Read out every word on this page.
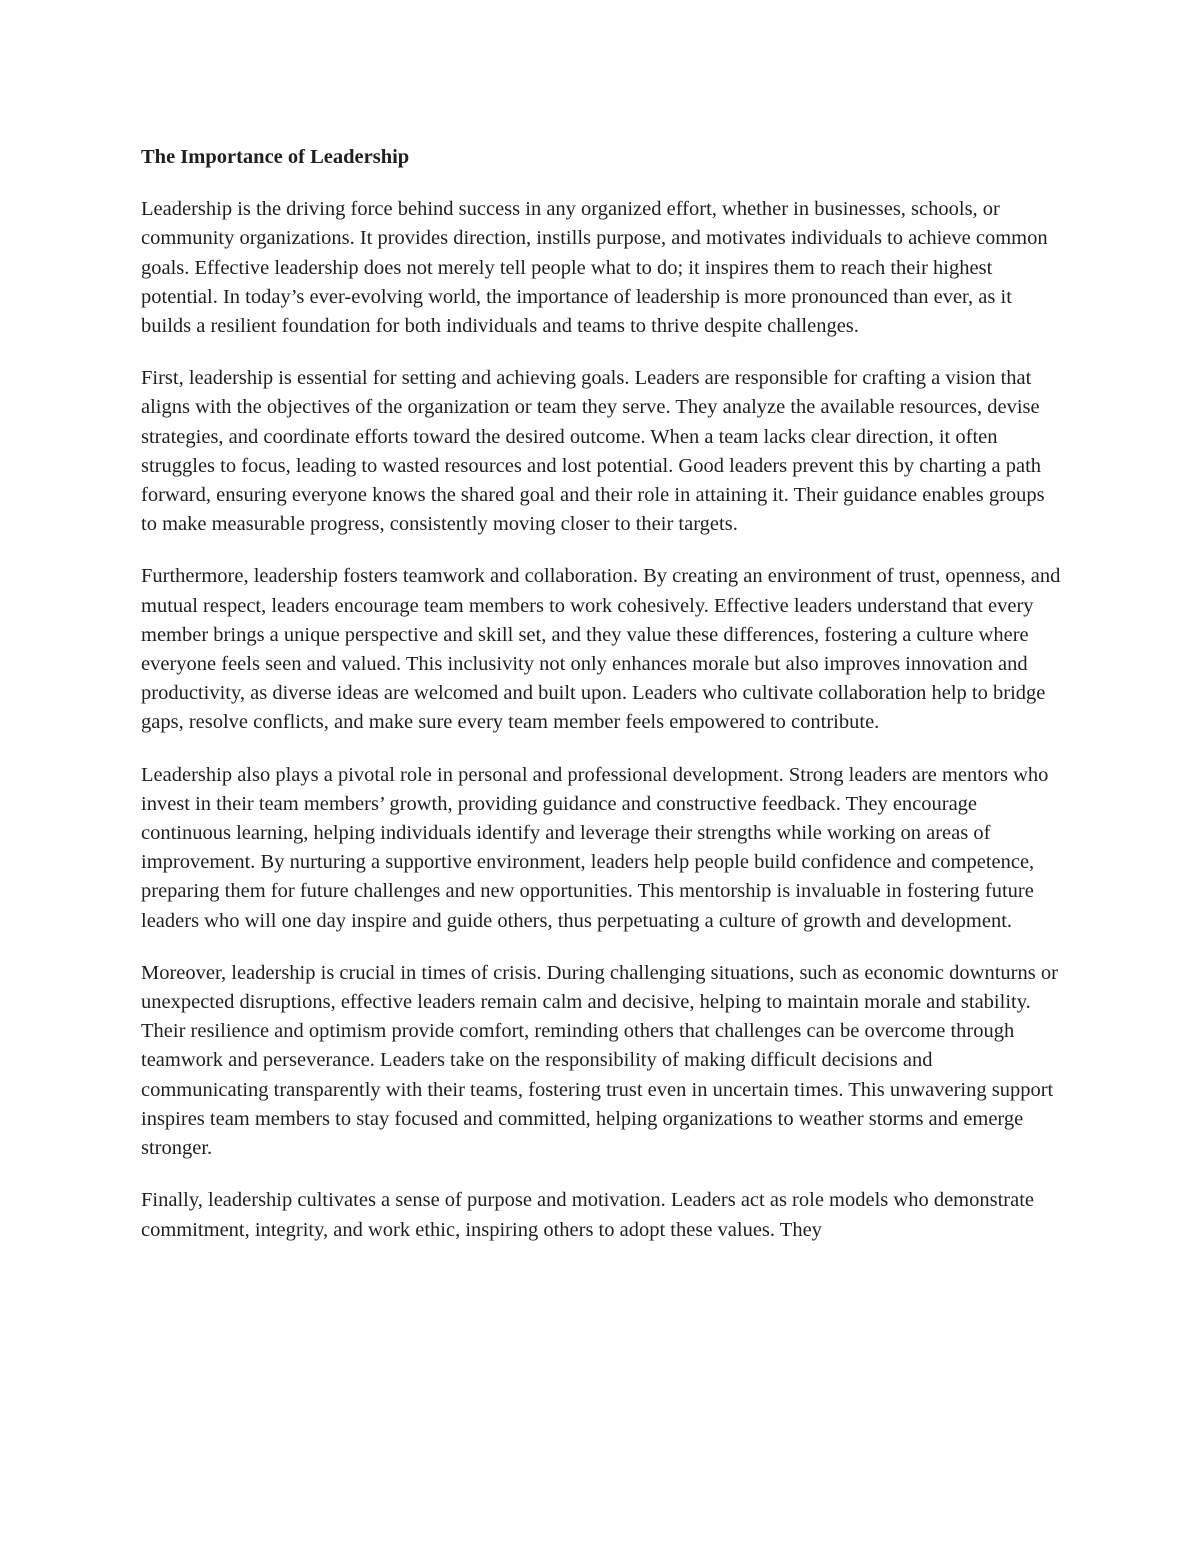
The Importance of Leadership

Leadership is the driving force behind success in any organized effort, whether in businesses, schools, or community organizations. It provides direction, instills purpose, and motivates individuals to achieve common goals. Effective leadership does not merely tell people what to do; it inspires them to reach their highest potential. In today’s ever-evolving world, the importance of leadership is more pronounced than ever, as it builds a resilient foundation for both individuals and teams to thrive despite challenges.

First, leadership is essential for setting and achieving goals. Leaders are responsible for crafting a vision that aligns with the objectives of the organization or team they serve. They analyze the available resources, devise strategies, and coordinate efforts toward the desired outcome. When a team lacks clear direction, it often struggles to focus, leading to wasted resources and lost potential. Good leaders prevent this by charting a path forward, ensuring everyone knows the shared goal and their role in attaining it. Their guidance enables groups to make measurable progress, consistently moving closer to their targets.

Furthermore, leadership fosters teamwork and collaboration. By creating an environment of trust, openness, and mutual respect, leaders encourage team members to work cohesively. Effective leaders understand that every member brings a unique perspective and skill set, and they value these differences, fostering a culture where everyone feels seen and valued. This inclusivity not only enhances morale but also improves innovation and productivity, as diverse ideas are welcomed and built upon. Leaders who cultivate collaboration help to bridge gaps, resolve conflicts, and make sure every team member feels empowered to contribute.

Leadership also plays a pivotal role in personal and professional development. Strong leaders are mentors who invest in their team members’ growth, providing guidance and constructive feedback. They encourage continuous learning, helping individuals identify and leverage their strengths while working on areas of improvement. By nurturing a supportive environment, leaders help people build confidence and competence, preparing them for future challenges and new opportunities. This mentorship is invaluable in fostering future leaders who will one day inspire and guide others, thus perpetuating a culture of growth and development.

Moreover, leadership is crucial in times of crisis. During challenging situations, such as economic downturns or unexpected disruptions, effective leaders remain calm and decisive, helping to maintain morale and stability. Their resilience and optimism provide comfort, reminding others that challenges can be overcome through teamwork and perseverance. Leaders take on the responsibility of making difficult decisions and communicating transparently with their teams, fostering trust even in uncertain times. This unwavering support inspires team members to stay focused and committed, helping organizations to weather storms and emerge stronger.

Finally, leadership cultivates a sense of purpose and motivation. Leaders act as role models who demonstrate commitment, integrity, and work ethic, inspiring others to adopt these values. They
